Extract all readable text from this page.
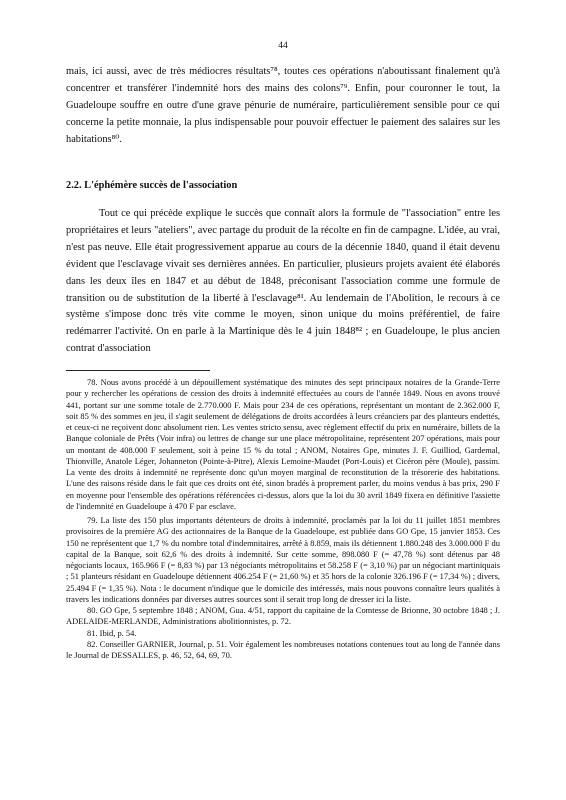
44

mais, ici aussi, avec de très médiocres résultats⁷⁸, toutes ces opérations n'aboutissant finalement qu'à concentrer et transférer l'indemnité hors des mains des colons⁷⁹. Enfin, pour couronner le tout, la Guadeloupe souffre en outre d'une grave pénurie de numéraire, particulièrement sensible pour ce qui concerne la petite monnaie, la plus indispensable pour pouvoir effectuer le paiement des salaires sur les habitations⁸⁰.

2.2. L'éphémère succès de l'association

Tout ce qui précède explique le succès que connaît alors la formule de "l'association" entre les propriétaires et leurs "ateliers", avec partage du produit de la récolte en fin de campagne. L'idée, au vrai, n'est pas neuve. Elle était progressivement apparue au cours de la décennie 1840, quand il était devenu évident que l'esclavage vivait ses dernières années. En particulier, plusieurs projets avaient été élaborés dans les deux îles en 1847 et au début de 1848, préconisant l'association comme une formule de transition ou de substitution de la liberté à l'esclavage⁸¹. Au lendemain de l'Abolition, le recours à ce système s'impose donc très vite comme le moyen, sinon unique du moins préférentiel, de faire redémarrer l'activité. On en parle à la Martinique dès le 4 juin 1848⁸² ; en Guadeloupe, le plus ancien contrat d'association

78. Nous avons procédé à un dépouillement systématique des minutes des sept principaux notaires de la Grande-Terre pour y rechercher les opérations de cession des droits à indemnité effectuées au cours de l'année 1849. Nous en avons trouvé 441, portant sur une somme totale de 2.770.000 F. Mais pour 234 de ces opérations, représentant un montant de 2.362.000 F, soit 85 % des sommes en jeu, il s'agit seulement de délégations de droits accordées à leurs créanciers par des planteurs endettés, et ceux-ci ne reçoivent donc absolument rien. Les ventes stricto sensu, avec règlement effectif du prix en numéraire, billets de la Banque coloniale de Prêts (Voir infra) ou lettres de change sur une place métropolitaine, représentent 207 opérations, mais pour un montant de 408.000 F seulement, soit à peine 15 % du total ; ANOM, Notaires Gpe, minutes J. F. Guilliod, Gardemal, Thionville, Anatole Léger, Johanneton (Pointe-à-Pitre), Alexis Lemoine-Maudet (Port-Louis) et Cicéron père (Moule), passim. La vente des droits à indemnité ne représente donc qu'un moyen marginal de reconstitution de la trésorerie des habitations. L'une des raisons réside dans le fait que ces droits ont été, sinon bradés à proprement parler, du moins vendus à bas prix, 290 F en moyenne pour l'ensemble des opérations référencées ci-dessus, alors que la loi du 30 avril 1849 fixera en définitive l'assiette de l'indemnité en Guadeloupe à 470 F par esclave.

79. La liste des 150 plus importants détenteurs de droits à indemnité, proclamés par la loi du 11 juillet 1851 membres provisoires de la première AG des actionnaires de la Banque de la Guadeloupe, est publiée dans GO Gpe, 15 janvier 1853. Ces 150 ne représentent que 1,7 % du nombre total d'indemnitaires, arrêté à 8.859, mais ils détiennent 1.880.248 des 3.000.000 F du capital de la Banque, soit 62,6 % des droits à indemnité. Sur cette somme, 898.080 F (= 47,78 %) sont détenus par 48 négociants locaux, 165.966 F (= 8,83 %) par 13 négociants métropolitains et 58.258 F (= 3,10 %) par un négociant martiniquais ; 51 planteurs résidant en Guadeloupe détiennent 406.254 F (= 21,60 %) et 35 hors de la colonie 326.196 F (= 17,34 %) ; divers, 25.494 F (= 1,35 %). Nota : le document n'indique que le domicile des intéressés, mais nous pouvons connaître leurs qualités à travers les indications données par diverses autres sources sont il serait trop long de dresser ici la liste.

80. GO Gpe, 5 septembre 1848 ; ANOM, Gua. 4/51, rapport du capitaine de la Comtesse de Brionne, 30 octobre 1848 ; J. ADELAIDE-MERLANDE, Administrations abolitionnistes, p. 72.

81. Ibid, p. 54.

82. Conseiller GARNIER, Journal, p. 51. Voir également les nombreuses notations contenues tout au long de l'année dans le Journal de DESSALLES, p. 46, 52, 64, 69, 70.
